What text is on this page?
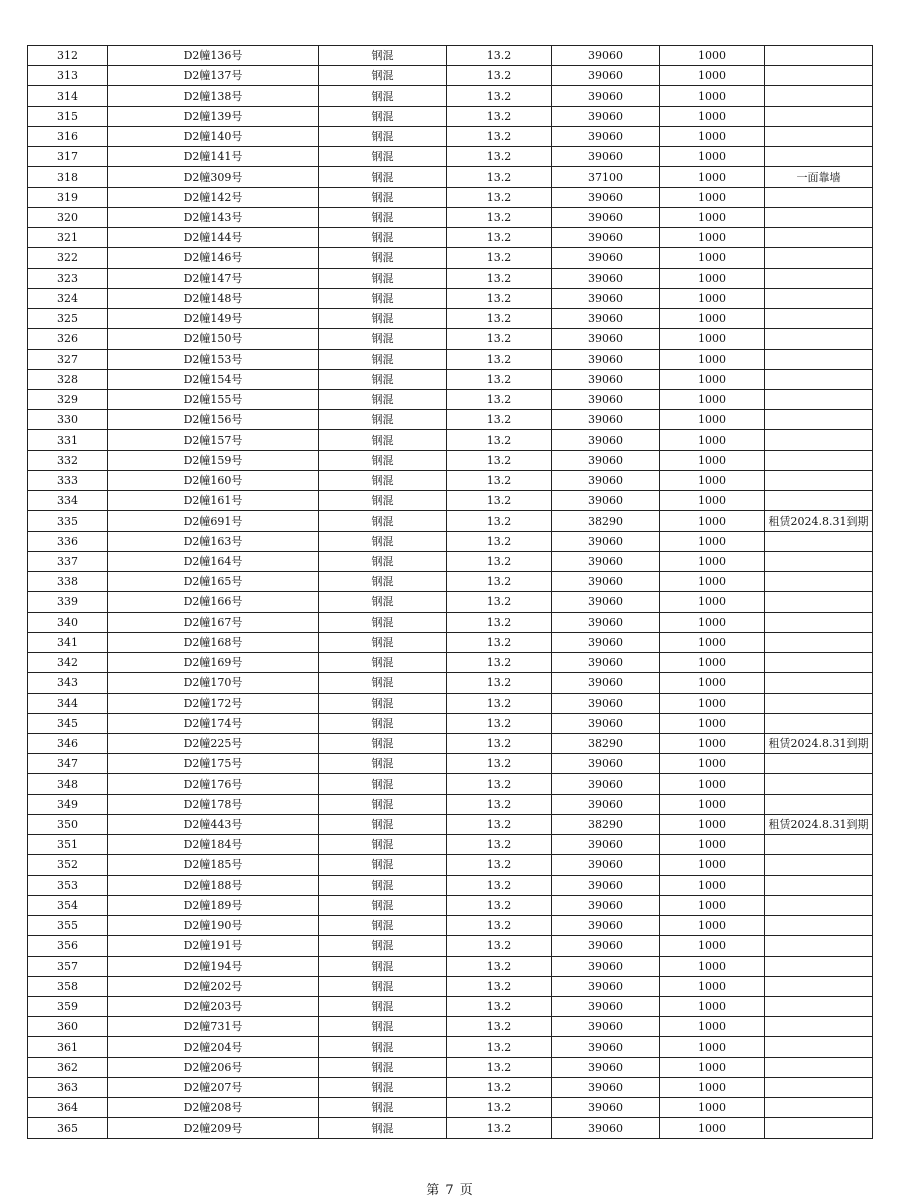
312	D2幢136号	钢混	13.2	39060	1000	
313	D2幢137号	钢混	13.2	39060	1000	
314	D2幢138号	钢混	13.2	39060	1000	
315	D2幢139号	钢混	13.2	39060	1000	
316	D2幢140号	钢混	13.2	39060	1000	
317	D2幢141号	钢混	13.2	39060	1000	
318	D2幢309号	钢混	13.2	37100	1000	一面靠墙
319	D2幢142号	钢混	13.2	39060	1000	
320	D2幢143号	钢混	13.2	39060	1000	
321	D2幢144号	钢混	13.2	39060	1000	
322	D2幢146号	钢混	13.2	39060	1000	
323	D2幢147号	钢混	13.2	39060	1000	
324	D2幢148号	钢混	13.2	39060	1000	
325	D2幢149号	钢混	13.2	39060	1000	
326	D2幢150号	钢混	13.2	39060	1000	
327	D2幢153号	钢混	13.2	39060	1000	
328	D2幢154号	钢混	13.2	39060	1000	
329	D2幢155号	钢混	13.2	39060	1000	
330	D2幢156号	钢混	13.2	39060	1000	
331	D2幢157号	钢混	13.2	39060	1000	
332	D2幢159号	钢混	13.2	39060	1000	
333	D2幢160号	钢混	13.2	39060	1000	
334	D2幢161号	钢混	13.2	39060	1000	
335	D2幢691号	钢混	13.2	38290	1000	租赁2024.8.31到期
336	D2幢163号	钢混	13.2	39060	1000	
337	D2幢164号	钢混	13.2	39060	1000	
338	D2幢165号	钢混	13.2	39060	1000	
339	D2幢166号	钢混	13.2	39060	1000	
340	D2幢167号	钢混	13.2	39060	1000	
341	D2幢168号	钢混	13.2	39060	1000	
342	D2幢169号	钢混	13.2	39060	1000	
343	D2幢170号	钢混	13.2	39060	1000	
344	D2幢172号	钢混	13.2	39060	1000	
345	D2幢174号	钢混	13.2	39060	1000	
346	D2幢225号	钢混	13.2	38290	1000	租赁2024.8.31到期
347	D2幢175号	钢混	13.2	39060	1000	
348	D2幢176号	钢混	13.2	39060	1000	
349	D2幢178号	钢混	13.2	39060	1000	
350	D2幢443号	钢混	13.2	38290	1000	租赁2024.8.31到期
351	D2幢184号	钢混	13.2	39060	1000	
352	D2幢185号	钢混	13.2	39060	1000	
353	D2幢188号	钢混	13.2	39060	1000	
354	D2幢189号	钢混	13.2	39060	1000	
355	D2幢190号	钢混	13.2	39060	1000	
356	D2幢191号	钢混	13.2	39060	1000	
357	D2幢194号	钢混	13.2	39060	1000	
358	D2幢202号	钢混	13.2	39060	1000	
359	D2幢203号	钢混	13.2	39060	1000	
360	D2幢731号	钢混	13.2	39060	1000	
361	D2幢204号	钢混	13.2	39060	1000	
362	D2幢206号	钢混	13.2	39060	1000	
363	D2幢207号	钢混	13.2	39060	1000	
364	D2幢208号	钢混	13.2	39060	1000	
365	D2幢209号	钢混	13.2	39060	1000	
第 7 页
